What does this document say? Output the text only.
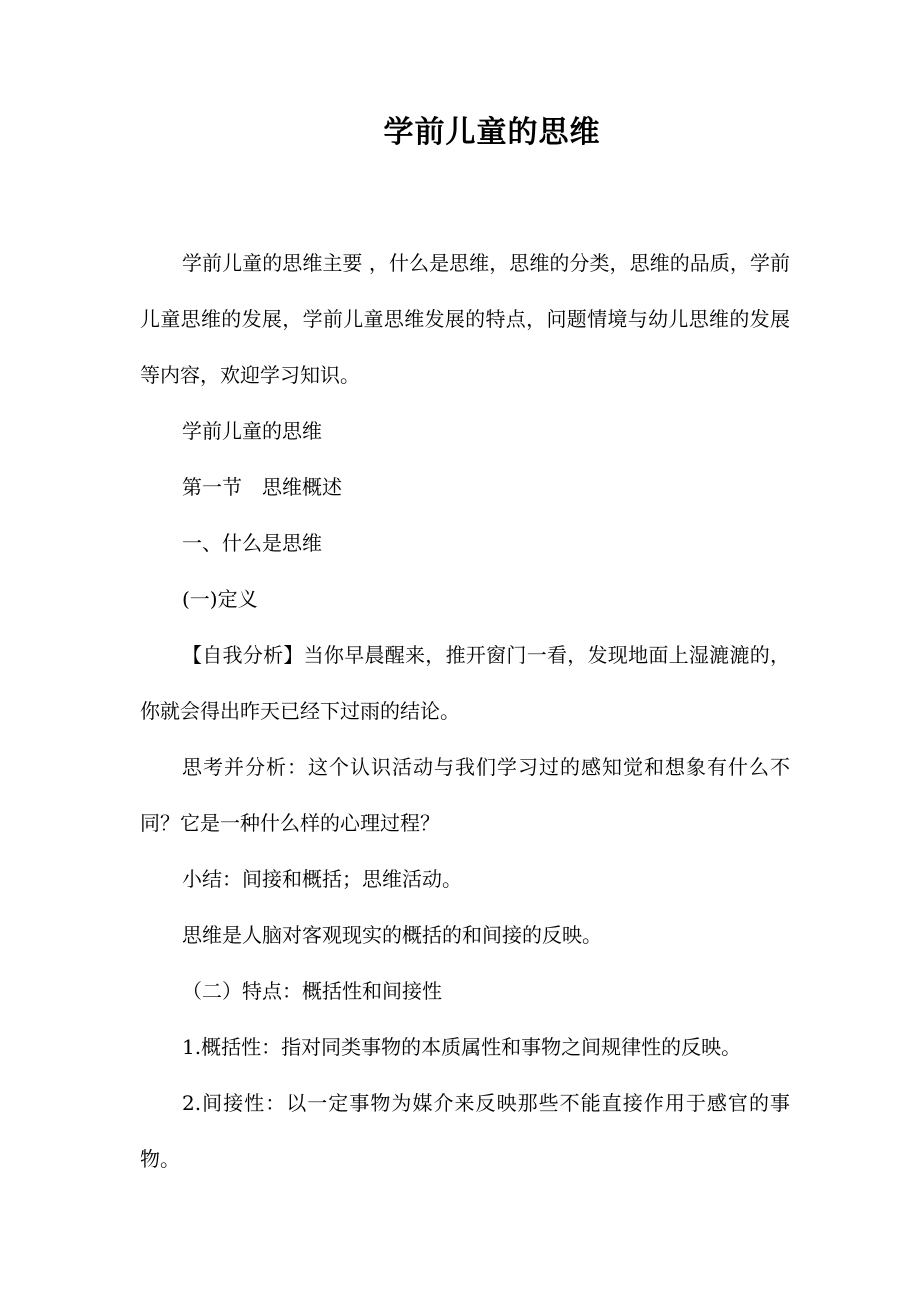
学前儿童的思维

学前儿童的思维主要 ，什么是思维，思维的分类，思维的品质，学前儿童思维的发展，学前儿童思维发展的特点，问题情境与幼儿思维的发展等内容，欢迎学习知识。

学前儿童的思维

第一节　思维概述

一、什么是思维

(一)定义

【自我分析】当你早晨醒来，推开窗门一看，发现地面上湿漉漉的，你就会得出昨天已经下过雨的结论。

思考并分析：这个认识活动与我们学习过的感知觉和想象有什么不同？它是一种什么样的心理过程？

小结：间接和概括；思维活动。

思维是人脑对客观现实的概括的和间接的反映。

（二）特点：概括性和间接性

1.概括性：指对同类事物的本质属性和事物之间规律性的反映。

2.间接性：以一定事物为媒介来反映那些不能直接作用于感官的事物。
